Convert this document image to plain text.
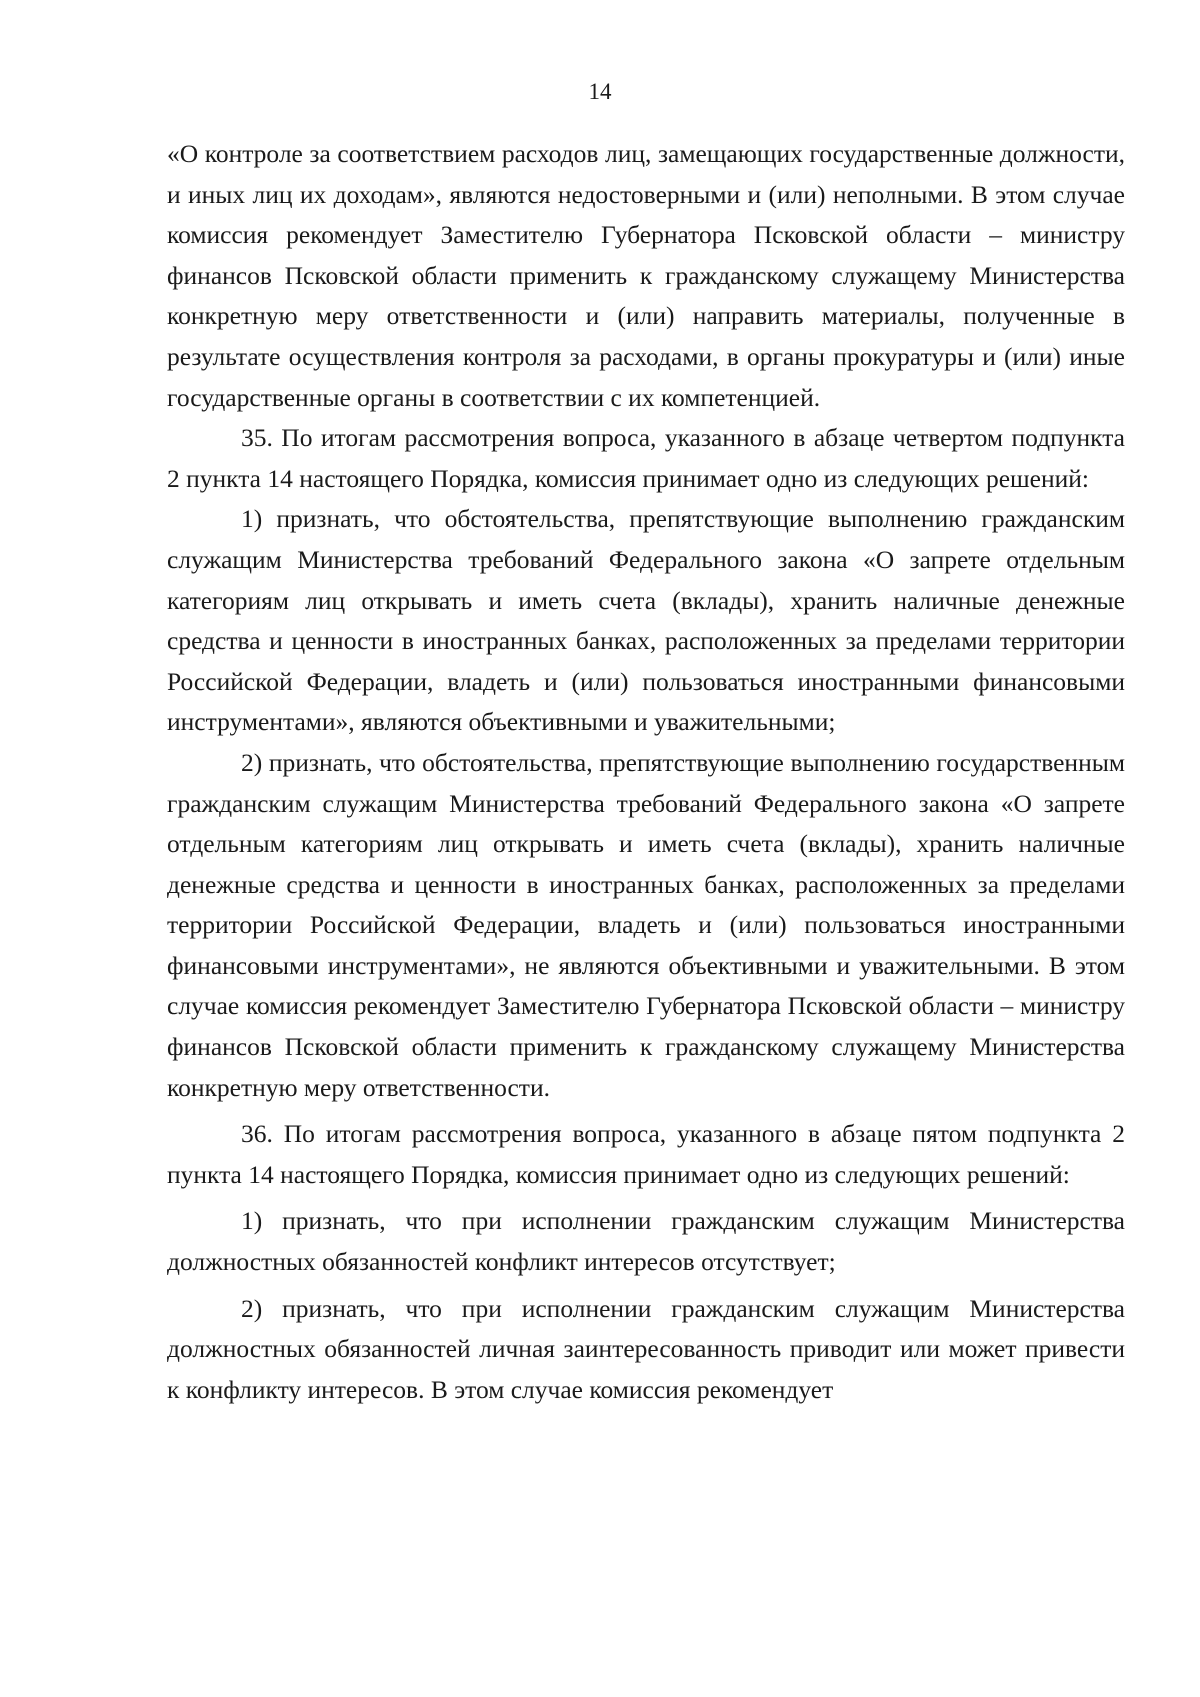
14

«О контроле за соответствием расходов лиц, замещающих государственные должности, и иных лиц их доходам», являются недостоверными и (или) неполными. В этом случае комиссия рекомендует Заместителю Губернатора Псковской области – министру финансов Псковской области применить к гражданскому служащему Министерства конкретную меру ответственности и (или) направить материалы, полученные в результате осуществления контроля за расходами, в органы прокуратуры и (или) иные государственные органы в соответствии с их компетенцией.

35. По итогам рассмотрения вопроса, указанного в абзаце четвертом подпункта 2 пункта 14 настоящего Порядка, комиссия принимает одно из следующих решений:

1) признать, что обстоятельства, препятствующие выполнению гражданским служащим Министерства требований Федерального закона «О запрете отдельным категориям лиц открывать и иметь счета (вклады), хранить наличные денежные средства и ценности в иностранных банках, расположенных за пределами территории Российской Федерации, владеть и (или) пользоваться иностранными финансовыми инструментами», являются объективными и уважительными;

2) признать, что обстоятельства, препятствующие выполнению государственным гражданским служащим Министерства требований Федерального закона «О запрете отдельным категориям лиц открывать и иметь счета (вклады), хранить наличные денежные средства и ценности в иностранных банках, расположенных за пределами территории Российской Федерации, владеть и (или) пользоваться иностранными финансовыми инструментами», не являются объективными и уважительными. В этом случае комиссия рекомендует Заместителю Губернатора Псковской области – министру финансов Псковской области применить к гражданскому служащему Министерства конкретную меру ответственности.

36. По итогам рассмотрения вопроса, указанного в абзаце пятом подпункта 2 пункта 14 настоящего Порядка, комиссия принимает одно из следующих решений:

1) признать, что при исполнении гражданским служащим Министерства должностных обязанностей конфликт интересов отсутствует;

2) признать, что при исполнении гражданским служащим Министерства должностных обязанностей личная заинтересованность приводит или может привести к конфликту интересов. В этом случае комиссия рекомендует
